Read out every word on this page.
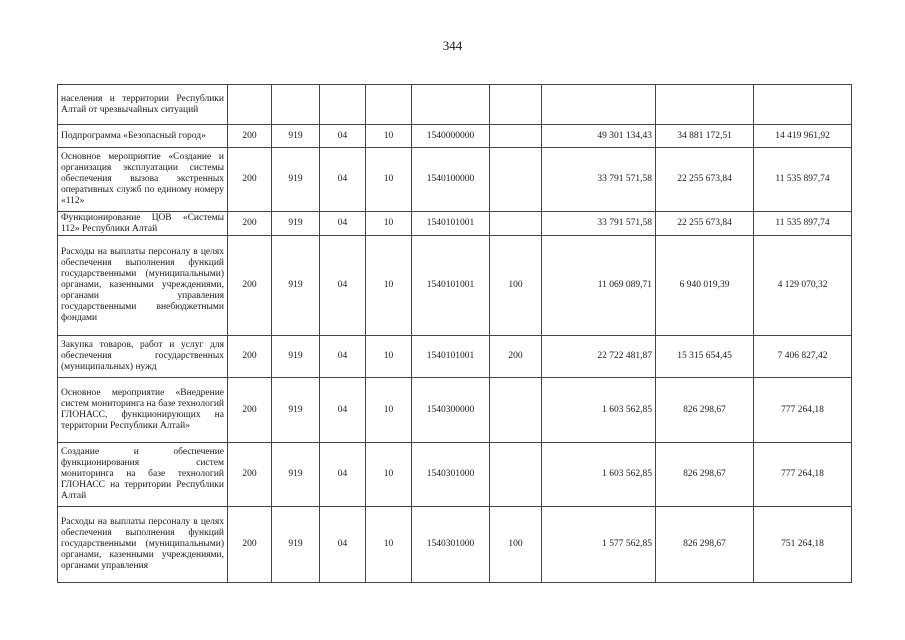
344
населения и территории Республики Алтай от чрезвычайных ситуаций									
Подпрограмма «Безопасный город»	200	919	04	10	1540000000		49 301 134,43	34 881 172,51	14 419 961,92
Основное мероприятие «Создание и организация эксплуатации системы обеспечения вызова экстренных оперативных служб по единому номеру «112»	200	919	04	10	1540100000		33 791 571,58	22 255 673,84	11 535 897,74
Функционирование ЦОВ «Системы 112» Республики Алтай	200	919	04	10	1540101001		33 791 571,58	22 255 673,84	11 535 897,74
Расходы на выплаты персоналу в целях обеспечения выполнения функций государственными (муниципальными) органами, казенными учреждениями, органами управления государственными внебюджетными фондами	200	919	04	10	1540101001	100	11 069 089,71	6 940 019,39	4 129 070,32
Закупка товаров, работ и услуг для обеспечения государственных (муниципальных) нужд	200	919	04	10	1540101001	200	22 722 481,87	15 315 654,45	7 406 827,42
Основное мероприятие «Внедрение систем мониторинга на базе технологий ГЛОНАСС, функционирующих на территории Республики Алтай»	200	919	04	10	1540300000		1 603 562,85	826 298,67	777 264,18
Создание и обеспечение функционирования систем мониторинга на базе технологий ГЛОНАСС на территории Республики Алтай	200	919	04	10	1540301000		1 603 562,85	826 298,67	777 264,18
Расходы на выплаты персоналу в целях обеспечения выполнения функций государственными (муниципальными) органами, казенными учреждениями, органами управления	200	919	04	10	1540301000	100	1 577 562,85	826 298,67	751 264,18
